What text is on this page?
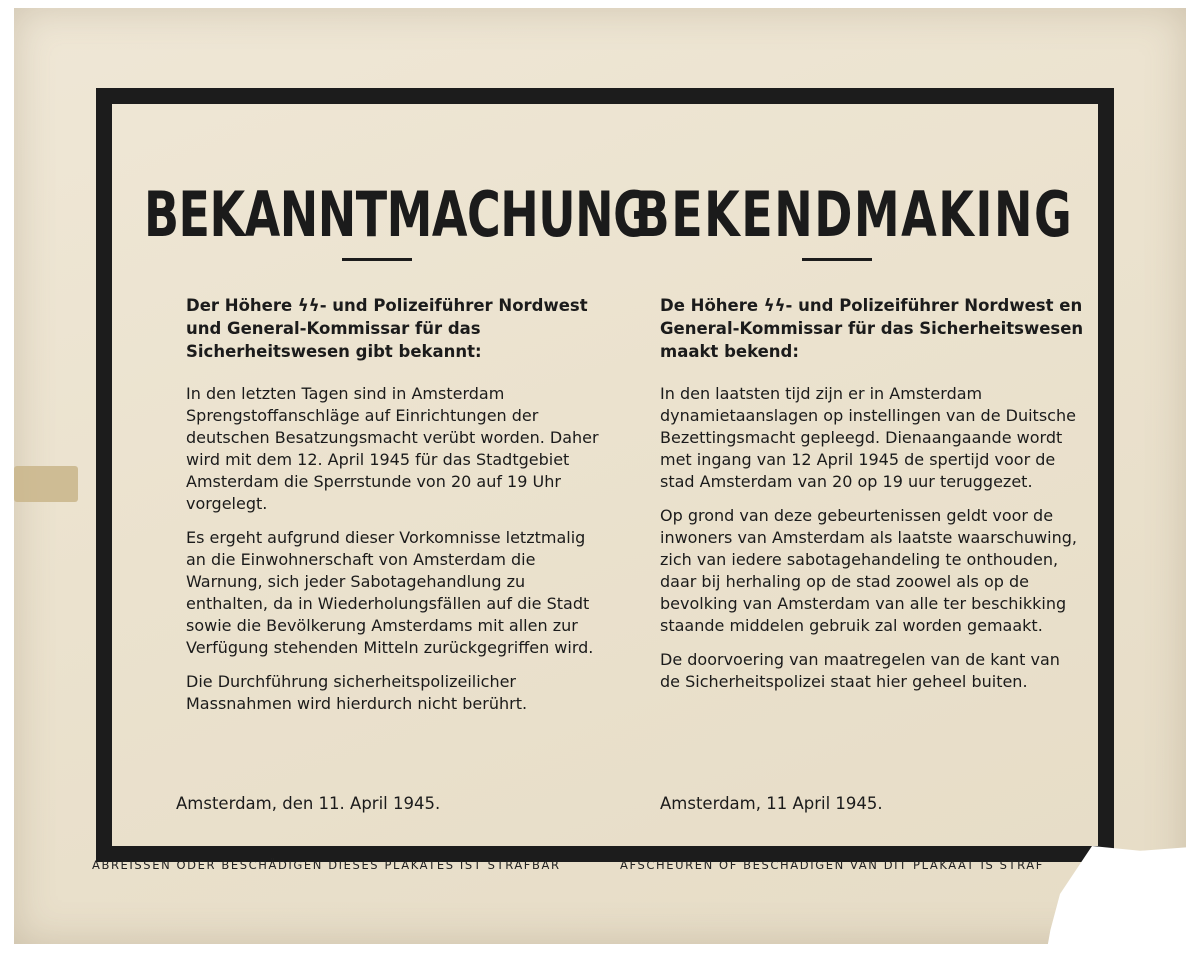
BEKANNTMACHUNG

Der Höhere ϟϟ- und Polizeiführer Nordwest und General-Kommissar für das Sicherheitswesen gibt bekannt:

In den letzten Tagen sind in Amsterdam Sprengstoffanschläge auf Einrichtungen der deutschen Besatzungsmacht verübt worden. Daher wird mit dem 12. April 1945 für das Stadtgebiet Amsterdam die Sperrstunde von 20 auf 19 Uhr vorgelegt.

Es ergeht aufgrund dieser Vorkomnisse letztmalig an die Einwohnerschaft von Amsterdam die Warnung, sich jeder Sabotagehandlung zu enthalten, da in Wiederholungsfällen auf die Stadt sowie die Bevölkerung Amsterdams mit allen zur Verfügung stehenden Mitteln zurückgegriffen wird.

Die Durchführung sicherheitspolizeilicher Massnahmen wird hierdurch nicht berührt.

Amsterdam, den 11. April 1945.
BEKENDMAKING

De Höhere ϟϟ- und Polizeiführer Nordwest en General-Kommissar für das Sicherheitswesen maakt bekend:

In den laatsten tijd zijn er in Amsterdam dynamietaanslagen op instellingen van de Duitsche Bezettingsmacht gepleegd. Dienaangaande wordt met ingang van 12 April 1945 de spertijd voor de stad Amsterdam van 20 op 19 uur teruggezet.

Op grond van deze gebeurtenissen geldt voor de inwoners van Amsterdam als laatste waarschuwing, zich van iedere sabotagehandeling te onthouden, daar bij herhaling op de stad zoowel als op de bevolking van Amsterdam van alle ter beschikking staande middelen gebruik zal worden gemaakt.

De doorvoering van maatregelen van de kant van de Sicherheitspolizei staat hier geheel buiten.

Amsterdam, 11 April 1945.
ABREISSEN ODER BESCHÄDIGEN DIESES PLAKATES IST STRAFBAR	AFSCHEUREN OF BESCHADIGEN VAN DIT PLAKAAT IS STRAF
